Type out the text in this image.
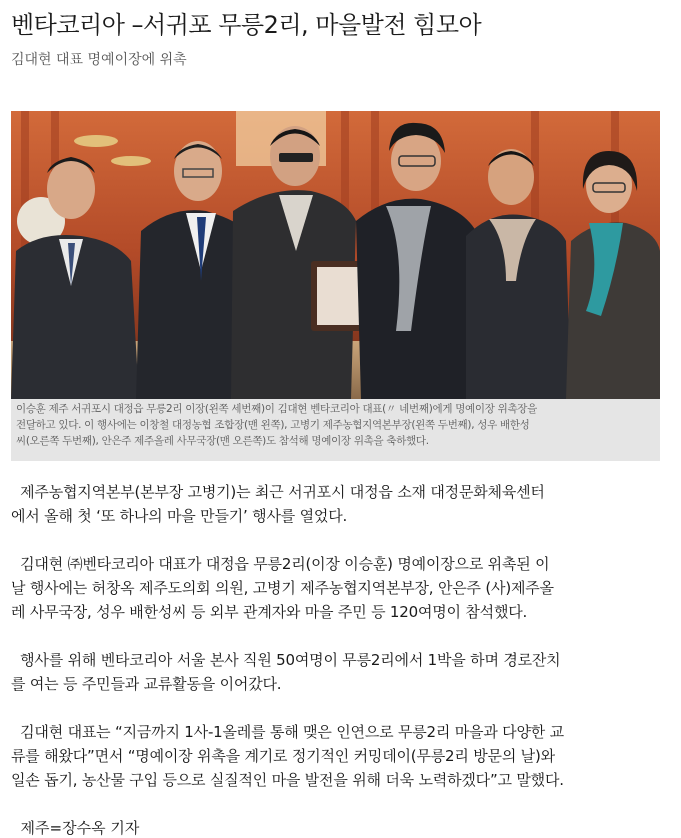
벤타코리아 –서귀포 무릉2리, 마을발전 힘모아
김대현 대표 명예이장에 위촉
이승훈 제주 서귀포시 대정읍 무릉2리 이장(왼쪽 세번째)이 김대현 벤타코리아 대표(〃 네번째)에게 명예이장 위촉장을
전달하고 있다. 이 행사에는 이창철 대정농협 조합장(맨 왼쪽), 고병기 제주농협지역본부장(왼쪽 두번째), 성우 배한성
씨(오른쪽 두번째), 안은주 제주올레 사무국장(맨 오른쪽)도 참석해 명예이장 위촉을 축하했다.

제주농협지역본부(본부장 고병기)는 최근 서귀포시 대정읍 소재 대정문화체육센터
에서 올해 첫 ‘또 하나의 마을 만들기’ 행사를 열었다.

김대현 ㈜벤타코리아 대표가 대정읍 무릉2리(이장 이승훈) 명예이장으로 위촉된 이
날 행사에는 허창옥 제주도의회 의원, 고병기 제주농협지역본부장, 안은주 (사)제주올
레 사무국장, 성우 배한성씨 등 외부 관계자와 마을 주민 등 120여명이 참석했다.

행사를 위해 벤타코리아 서울 본사 직원 50여명이 무릉2리에서 1박을 하며 경로잔치
를 여는 등 주민들과 교류활동을 이어갔다.

김대현 대표는 “지금까지 1사-1올레를 통해 맺은 인연으로 무릉2리 마을과 다양한 교
류를 해왔다”면서 “명예이장 위촉을 계기로 정기적인 커밍데이(무릉2리 방문의 날)와
일손 돕기, 농산물 구입 등으로 실질적인 마을 발전을 위해 더욱 노력하겠다”고 말했다.

제주=장수옥 기자
